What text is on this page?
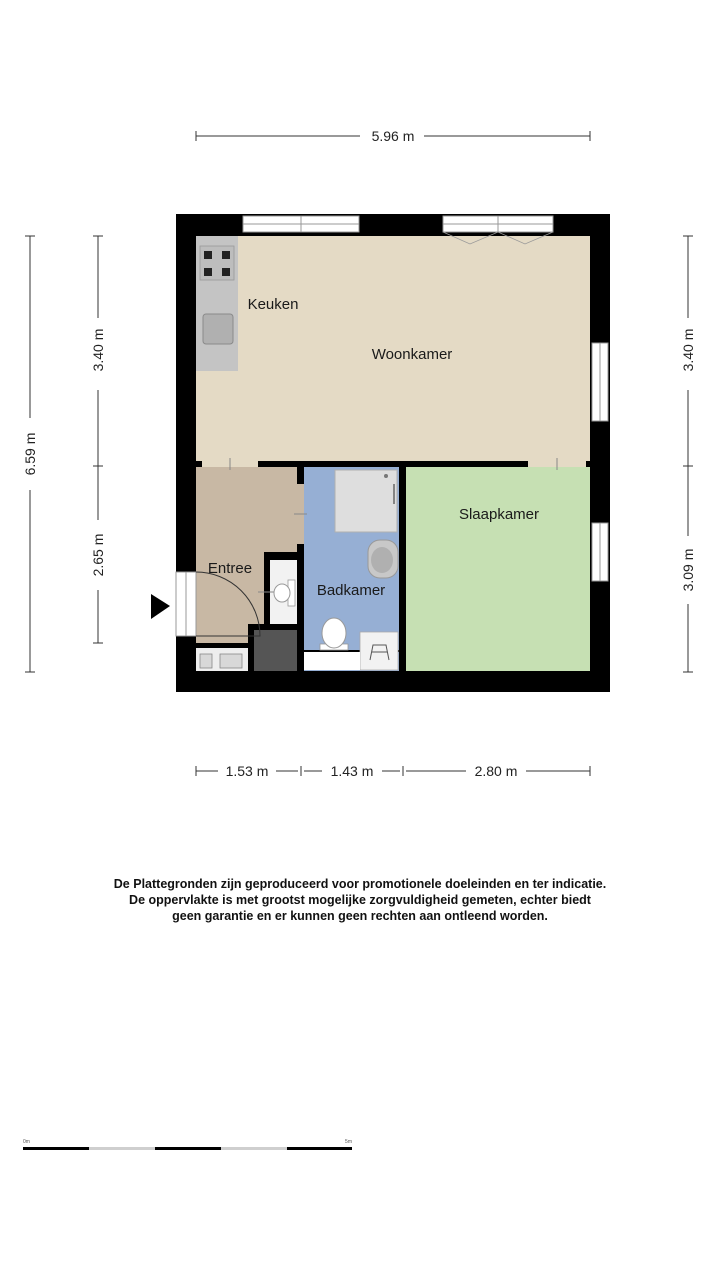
5.96 m
6.59 m
3.40 m
2.65 m
3.40 m
3.09 m
1.53 m	1.43 m	2.80 m
Keuken
Woonkamer
Entree
Badkamer
Slaapkamer
0m	5m
De Plattegronden zijn geproduceerd voor promotionele doeleinden en ter indicatie.
De oppervlakte is met grootst mogelijke zorgvuldigheid gemeten, echter biedt
geen garantie en er kunnen geen rechten aan ontleend worden.
